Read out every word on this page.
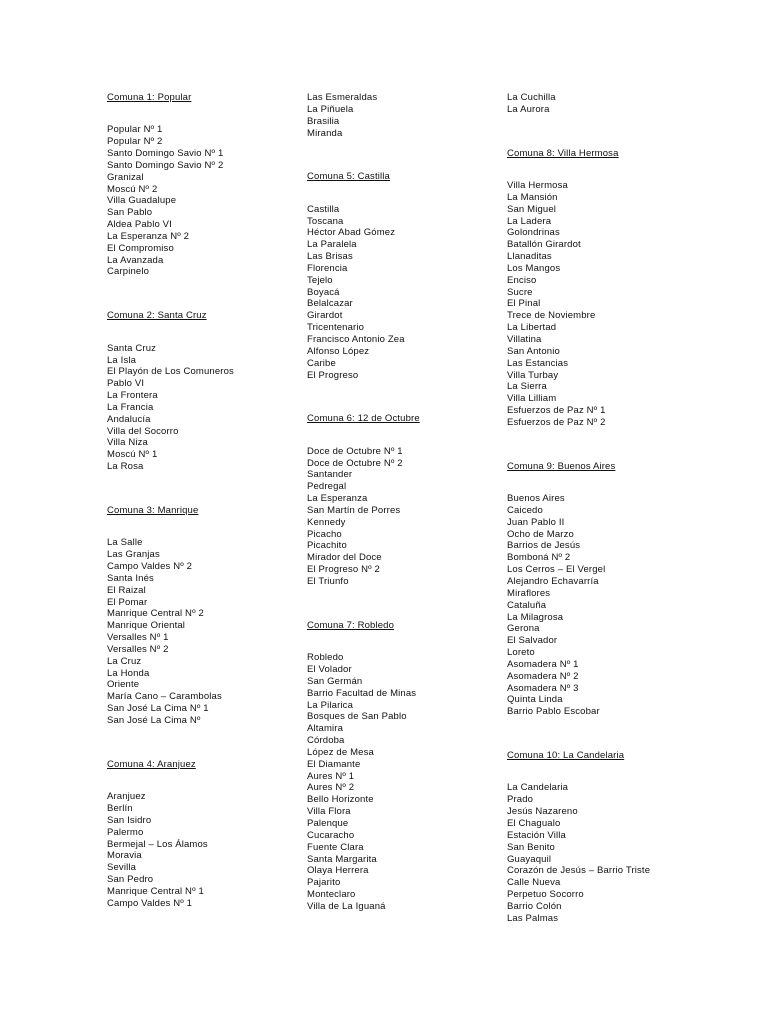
Comuna 1: Popular
Popular Nº 1
Popular Nº 2
Santo Domingo Savio Nº 1
Santo Domingo Savio Nº 2
Granizal
Moscú Nº 2
Villa Guadalupe
San Pablo
Aldea Pablo VI
La Esperanza Nº 2
El Compromiso
La Avanzada
Carpinelo
Comuna 2: Santa Cruz
Santa Cruz
La Isla
El Playón de Los Comuneros
Pablo VI
La Frontera
La Francia
Andalucía
Villa del Socorro
Villa Niza
Moscú Nº 1
La Rosa
Comuna 3: Manrique
La Salle
Las Granjas
Campo Valdes Nº 2
Santa Inés
El Raizal
El Pomar
Manrique Central Nº 2
Manrique Oriental
Versalles Nº 1
Versalles Nº 2
La Cruz
La Honda
Oriente
María Cano – Carambolas
San José La Cima Nº 1
San José La Cima Nº
Comuna 4: Aranjuez
Aranjuez
Berlín
San Isidro
Palermo
Bermejal – Los Álamos
Moravia
Sevilla
San Pedro
Manrique Central Nº 1
Campo Valdes Nº 1
Las Esmeraldas
La Piñuela
Brasilia
Miranda
Comuna 5: Castilla
Castilla
Toscana
Héctor Abad Gómez
La Paralela
Las Brisas
Florencia
Tejelo
Boyacá
Belalcazar
Girardot
Tricentenario
Francisco Antonio Zea
Alfonso López
Caribe
El Progreso
Comuna 6: 12 de Octubre
Doce de Octubre Nº 1
Doce de Octubre Nº 2
Santander
Pedregal
La Esperanza
San Martín de Porres
Kennedy
Picacho
Picachito
Mirador del Doce
El Progreso Nº 2
El Triunfo
Comuna 7: Robledo
Robledo
El Volador
San Germán
Barrio Facultad de Minas
La Pilarica
Bosques de San Pablo
Altamira
Córdoba
López de Mesa
El Diamante
Aures Nº 1
Aures Nº 2
Bello Horizonte
Villa Flora
Palenque
Cucaracho
Fuente Clara
Santa Margarita
Olaya Herrera
Pajarito
Monteclaro
Villa de La Iguaná
La Cuchilla
La Aurora
Comuna 8: Villa Hermosa
Villa Hermosa
La Mansión
San Miguel
La Ladera
Golondrinas
Batallón Girardot
Llanaditas
Los Mangos
Enciso
Sucre
El Pinal
Trece de Noviembre
La Libertad
Villatina
San Antonio
Las Estancias
Villa Turbay
La Sierra
Villa Lilliam
Esfuerzos de Paz Nº 1
Esfuerzos de Paz Nº 2
Comuna 9: Buenos Aires
Buenos Aires
Caicedo
Juan Pablo II
Ocho de Marzo
Barrios de Jesús
Bomboná Nº 2
Los Cerros – El Vergel
Alejandro Echavarría
Miraflores
Cataluña
La Milagrosa
Gerona
El Salvador
Loreto
Asomadera Nº 1
Asomadera Nº 2
Asomadera Nº 3
Quinta Linda
Barrio Pablo Escobar
Comuna 10: La Candelaria
La Candelaria
Prado
Jesús Nazareno
El Chagualo
Estación Villa
San Benito
Guayaquil
Corazón de Jesús – Barrio Triste
Calle Nueva
Perpetuo Socorro
Barrio Colón
Las Palmas
